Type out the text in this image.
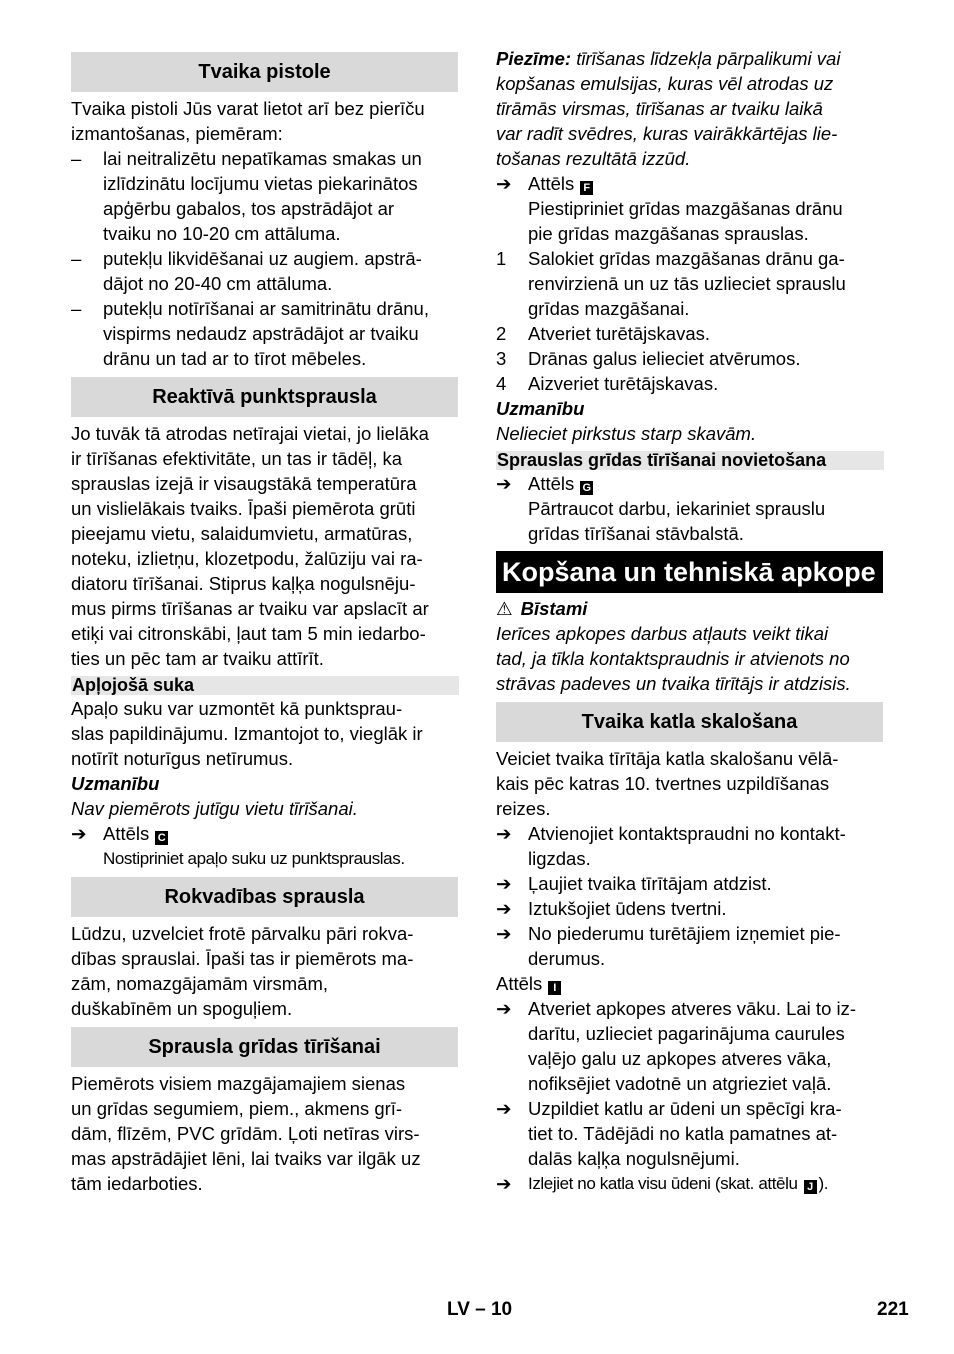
Tvaika pistole
Tvaika pistoli Jūs varat lietot arī bez pierīču
izmantošanas, piemēram:
– lai neitralizētu nepatīkamas smakas un
izlīdzinātu locījumu vietas piekarinātos
apģērbu gabalos, tos apstrādājot ar
tvaiku no 10-20 cm attāluma.
– putekļu likvidēšanai uz augiem. apstrā-
dājot no 20-40 cm attāluma.
– putekļu notīrīšanai ar samitrinātu drānu,
vispirms nedaudz apstrādājot ar tvaiku
drānu un tad ar to tīrot mēbeles.
Reaktīvā punktsprausla
Jo tuvāk tā atrodas netīrajai vietai, jo lielāka
ir tīrīšanas efektivitāte, un tas ir tādēļ, ka
sprauslas izejā ir visaugstākā temperatūra
un vislielākais tvaiks. Īpaši piemērota grūti
pieejamu vietu, salaidumvietu, armatūras,
noteku, izlietņu, klozetpodu, žalūziju vai ra-
diatoru tīrīšanai. Stiprus kaļķa nogulsnēju-
mus pirms tīrīšanas ar tvaiku var apslacīt ar
etiķi vai citronskābi, ļaut tam 5 min iedarbo-
ties un pēc tam ar tvaiku attīrīt.
Apļojošā suka
Apaļo suku var uzmontēt kā punktsprau-
slas papildinājumu. Izmantojot to, vieglāk ir
notīrīt noturīgus netīrumus.
Uzmanību
Nav piemērots jutīgu vietu tīrīšanai.
➔ Attēls C
Nostipriniet apaļo suku uz punktsprauslas.
Rokvadības sprausla
Lūdzu, uzvelciet frotē pārvalku pāri rokva-
dības sprauslai. Īpaši tas ir piemērots ma-
zām, nomazgājamām virsmām,
duškabīnēm un spoguļiem.
Sprausla grīdas tīrīšanai
Piemērots visiem mazgājamajiem sienas
un grīdas segumiem, piem., akmens grī-
dām, flīzēm, PVC grīdām. Ļoti netīras virs-
mas apstrādājiet lēni, lai tvaiks var ilgāk uz
tām iedarboties.
Piezīme: tīrīšanas līdzekļa pārpalikumi vai
kopšanas emulsijas, kuras vēl atrodas uz
tīrāmās virsmas, tīrīšanas ar tvaiku laikā
var radīt svēdres, kuras vairākkārtējas lie-
tošanas rezultātā izzūd.
➔ Attēls F
Piestipriniet grīdas mazgāšanas drānu
pie grīdas mazgāšanas sprauslas.
1 Salokiet grīdas mazgāšanas drānu ga-
renvirzienā un uz tās uzlieciet sprauslu
grīdas mazgāšanai.
2 Atveriet turētājskavas.
3 Drānas galus ielieciet atvērumos.
4 Aizveriet turētājskavas.
Uzmanību
Nelieciet pirkstus starp skavām.
Sprauslas grīdas tīrīšanai novietošana
➔ Attēls G
Pārtraucot darbu, iekariniet sprauslu
grīdas tīrīšanai stāvbalstā.
Kopšana un tehniskā apkope
⚠ Bīstami
Ierīces apkopes darbus atļauts veikt tikai
tad, ja tīkla kontaktspraudnis ir atvienots no
strāvas padeves un tvaika tīrītājs ir atdzisis.
Tvaika katla skalošana
Veiciet tvaika tīrītāja katla skalošanu vēlā-
kais pēc katras 10. tvertnes uzpildīšanas
reizes.
➔ Atvienojiet kontaktspraudni no kontakt-
ligzdas.
➔ Ļaujiet tvaika tīrītājam atdzist.
➔ Iztukšojiet ūdens tvertni.
➔ No piederumu turētājiem izņemiet pie-
derumus.
Attēls I
➔ Atveriet apkopes atveres vāku. Lai to iz-
darītu, uzlieciet pagarinājuma caurules
vaļējo galu uz apkopes atveres vāka,
nofiksējiet vadotnē un atgrieziet vaļā.
➔ Uzpildiet katlu ar ūdeni un spēcīgi kra-
tiet to. Tādējādi no katla pamatnes at-
dalās kaļķa nogulsnējumi.
➔ Izlejiet no katla visu ūdeni (skat. attēlu J ).
LV – 10	221
